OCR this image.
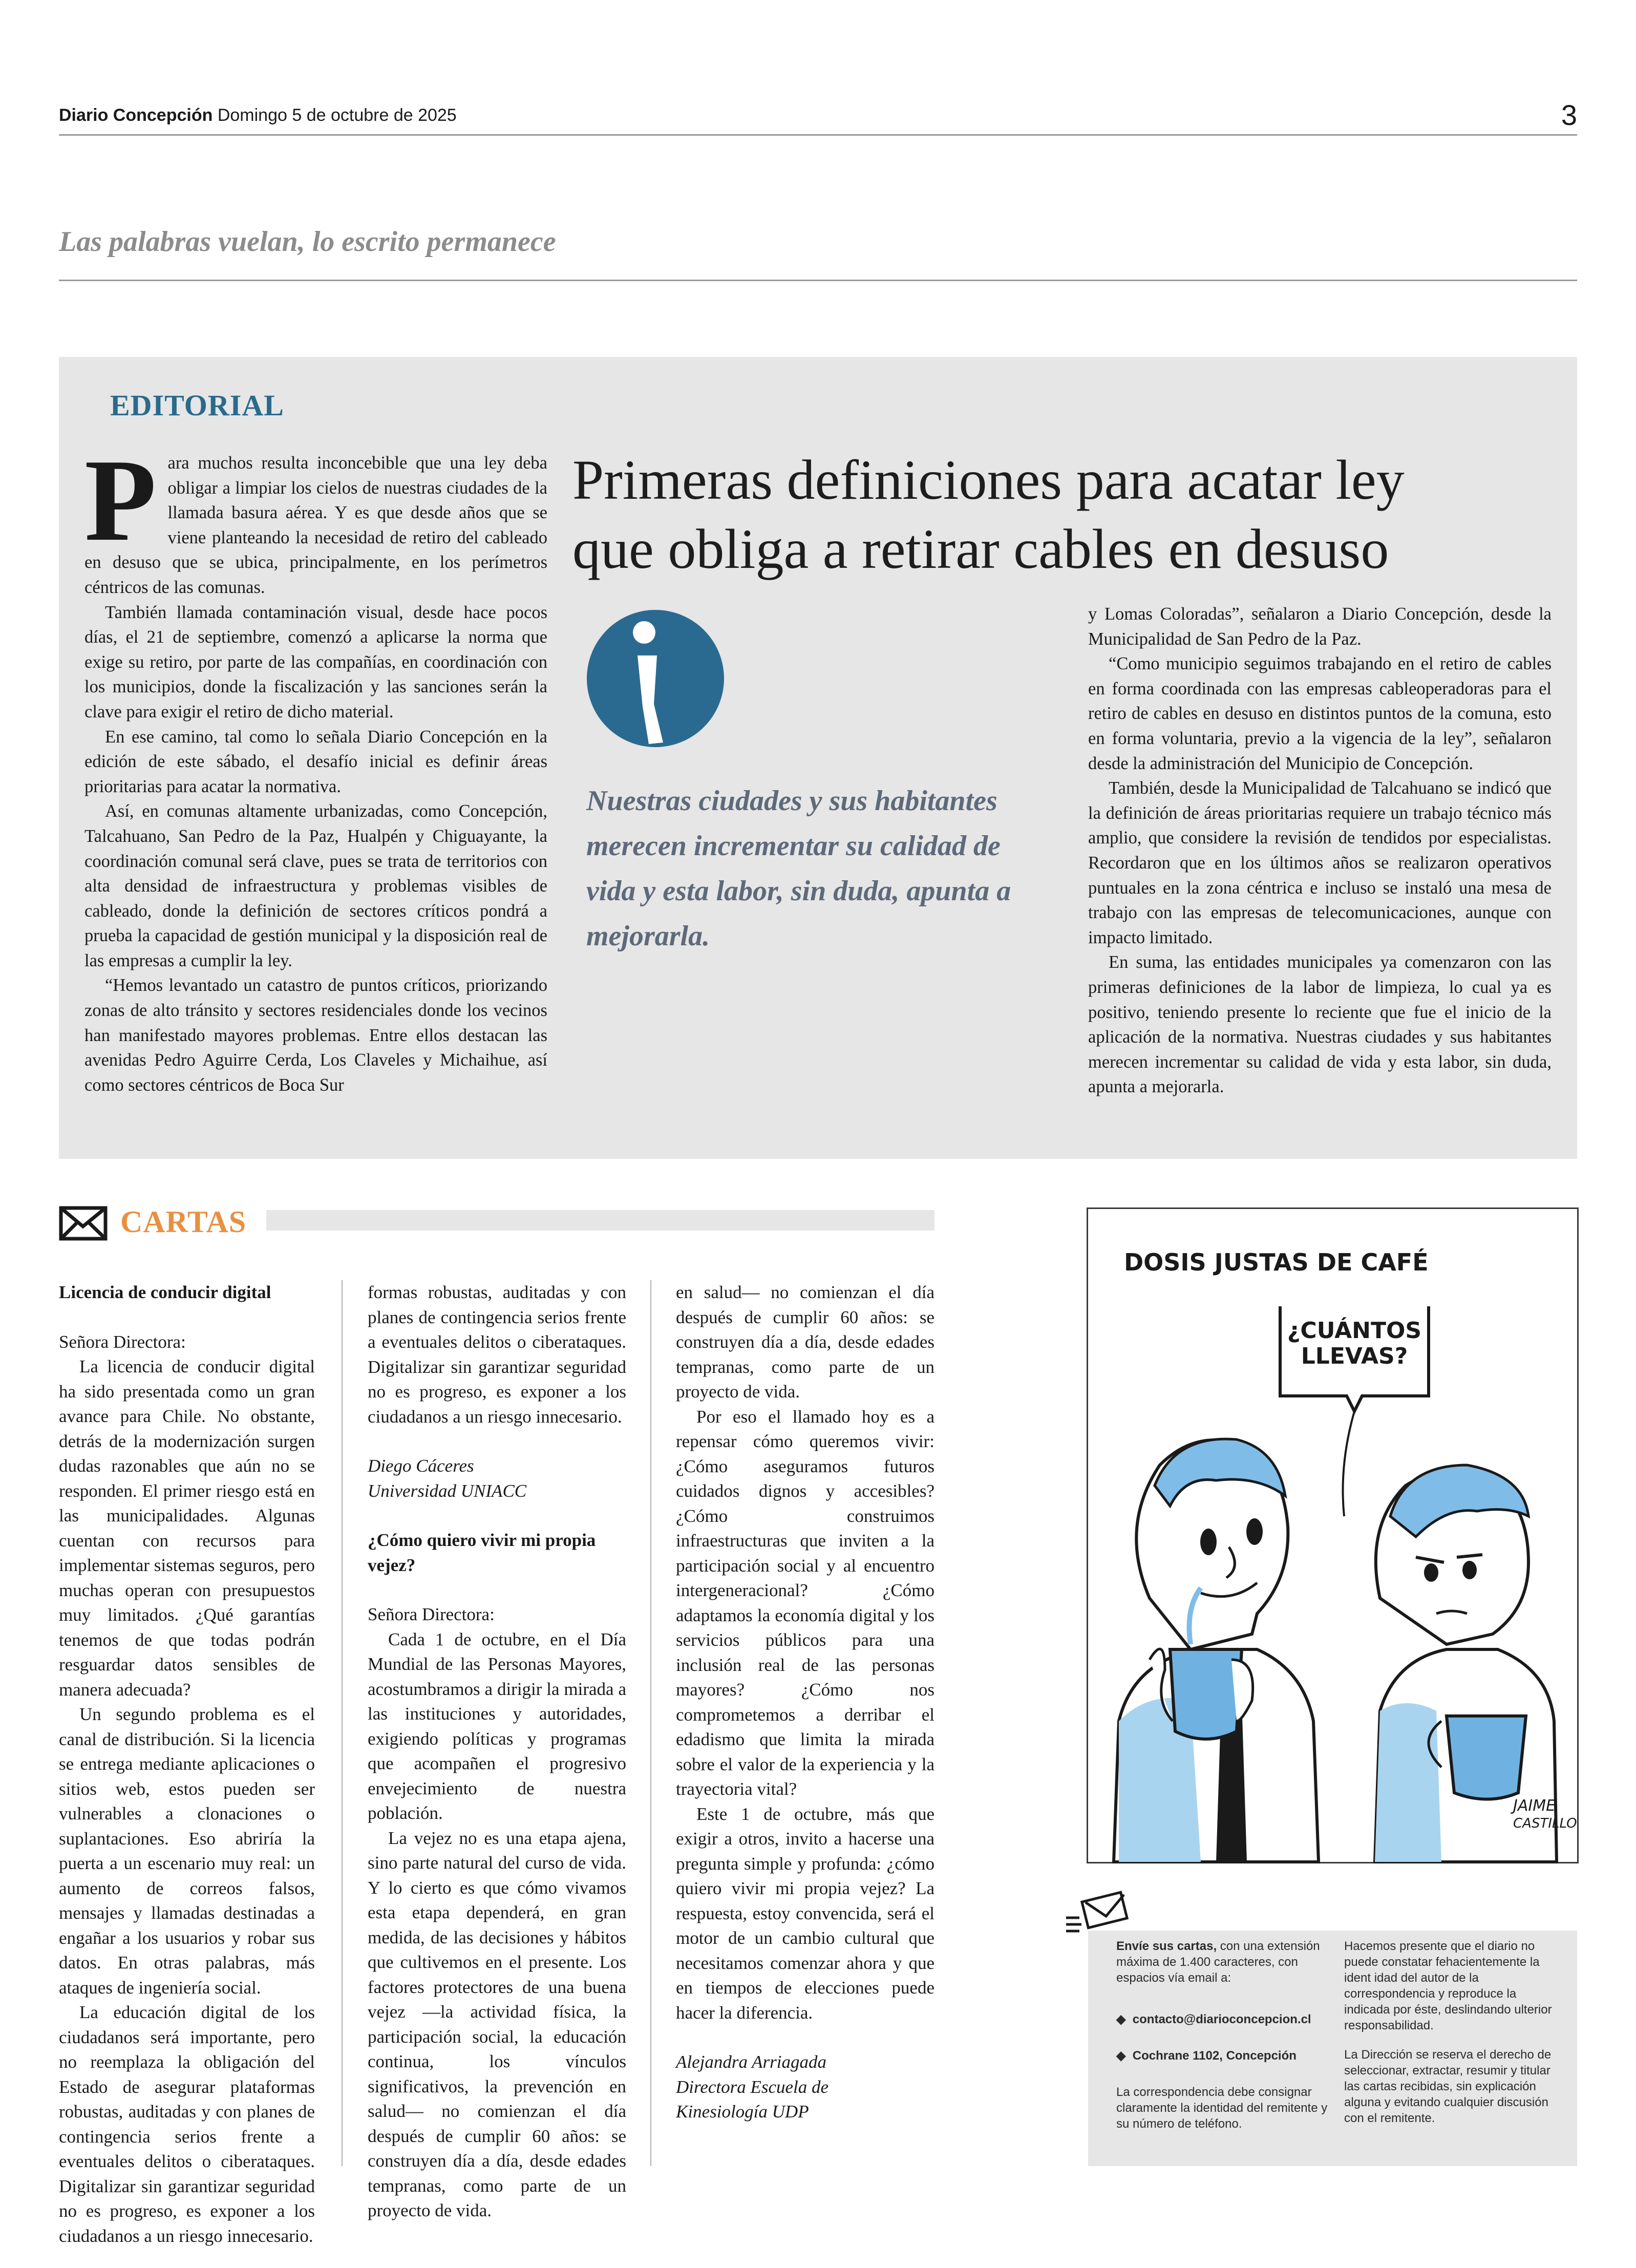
Diario Concepción Domingo 5 de octubre de 2025	3
Las palabras vuelan, lo escrito permanece
EDITORIAL

Para muchos resulta inconcebible que una ley deba obligar a limpiar los cielos de nuestras ciudades de la llamada basura aérea. Y es que desde años que se viene planteando la necesidad de retiro del cableado en desuso que se ubica, principalmente, en los perímetros céntricos de las comunas.

También llamada contaminación visual, desde hace pocos días, el 21 de septiembre, comenzó a aplicarse la norma que exige su retiro, por parte de las compañías, en coordinación con los municipios, donde la fiscalización y las sanciones serán la clave para exigir el retiro de dicho material.

En ese camino, tal como lo señala Diario Concepción en la edición de este sábado, el desafío inicial es definir áreas prioritarias para acatar la normativa.

Así, en comunas altamente urbanizadas, como Concepción, Talcahuano, San Pedro de la Paz, Hualpén y Chiguayante, la coordinación comunal será clave, pues se trata de territorios con alta densidad de infraestructura y problemas visibles de cableado, donde la definición de sectores críticos pondrá a prueba la capacidad de gestión municipal y la disposición real de las empresas a cumplir la ley.

“Hemos levantado un catastro de puntos críticos, priorizando zonas de alto tránsito y sectores residenciales donde los vecinos han manifestado mayores problemas. Entre ellos destacan las avenidas Pedro Aguirre Cerda, Los Claveles y Michaihue, así como sectores céntricos de Boca Sur

Primeras definiciones para acatar ley
que obliga a retirar cables en desuso
Nuestras ciudades y sus habitantes merecen incrementar su calidad de vida y esta labor, sin duda, apunta a mejorarla.

y Lomas Coloradas”, señalaron a Diario Concepción, desde la Municipalidad de San Pedro de la Paz.

“Como municipio seguimos trabajando en el retiro de cables en forma coordinada con las empresas cableoperadoras para el retiro de cables en desuso en distintos puntos de la comuna, esto en forma voluntaria, previo a la vigencia de la ley”, señalaron desde la administración del Municipio de Concepción.

También, desde la Municipalidad de Talcahuano se indicó que la definición de áreas prioritarias requiere un trabajo técnico más amplio, que considere la revisión de tendidos por especialistas. Recordaron que en los últimos años se realizaron operativos puntuales en la zona céntrica e incluso se instaló una mesa de trabajo con las empresas de telecomunicaciones, aunque con impacto limitado.

En suma, las entidades municipales ya comenzaron con las primeras definiciones de la labor de limpieza, lo cual ya es positivo, teniendo presente lo reciente que fue el inicio de la aplicación de la normativa. Nuestras ciudades y sus habitantes merecen incrementar su calidad de vida y esta labor, sin duda, apunta a mejorarla.

CARTAS

Licencia de conducir digital

Señora Directora:

La licencia de conducir digital ha sido presentada como un gran avance para Chile. No obstante, detrás de la modernización surgen dudas razonables que aún no se responden. El primer riesgo está en las municipalidades. Algunas cuentan con recursos para implementar sistemas seguros, pero muchas operan con presupuestos muy limitados. ¿Qué garantías tenemos de que todas podrán resguardar datos sensibles de manera adecuada?

Un segundo problema es el canal de distribución. Si la licencia se entrega mediante aplicaciones o sitios web, estos pueden ser vulnerables a clonaciones o suplantaciones. Eso abriría la puerta a un escenario muy real: un aumento de correos falsos, mensajes y llamadas destinadas a engañar a los usuarios y robar sus datos. En otras palabras, más ataques de ingeniería social.

La educación digital de los ciudadanos será importante, pero no reemplaza la obligación del Estado de asegurar plataformas robustas, auditadas y con planes de contingencia serios frente a eventuales delitos o ciberataques. Digitalizar sin garantizar seguridad no es progreso, es exponer a los ciudadanos a un riesgo innecesario.

formas robustas, auditadas y con planes de contingencia serios frente a eventuales delitos o ciberataques. Digitalizar sin garantizar seguridad no es progreso, es exponer a los ciudadanos a un riesgo innecesario.

Diego Cáceres

Universidad UNIACC

¿Cómo quiero vivir mi propia vejez?

Señora Directora:

Cada 1 de octubre, en el Día Mundial de las Personas Mayores, acostumbramos a dirigir la mirada a las instituciones y autoridades, exigiendo políticas y programas que acompañen el progresivo envejecimiento de nuestra población.

La vejez no es una etapa ajena, sino parte natural del curso de vida. Y lo cierto es que cómo vivamos esta etapa dependerá, en gran medida, de las decisiones y hábitos que cultivemos en el presente. Los factores protectores de una buena vejez —la actividad física, la participación social, la educación continua, los vínculos significativos, la prevención en salud— no comienzan el día después de cumplir 60 años: se construyen día a día, desde edades tempranas, como parte de un proyecto de vida.

en salud— no comienzan el día después de cumplir 60 años: se construyen día a día, desde edades tempranas, como parte de un proyecto de vida.

Por eso el llamado hoy es a repensar cómo queremos vivir: ¿Cómo aseguramos futuros cuidados dignos y accesibles? ¿Cómo construimos infraestructuras que inviten a la participación social y al encuentro intergeneracional? ¿Cómo adaptamos la economía digital y los servicios públicos para una inclusión real de las personas mayores? ¿Cómo nos comprometemos a derribar el edadismo que limita la mirada sobre el valor de la experiencia y la trayectoria vital?

Este 1 de octubre, más que exigir a otros, invito a hacerse una pregunta simple y profunda: ¿cómo quiero vivir mi propia vejez? La respuesta, estoy convencida, será el motor de un cambio cultural que necesitamos comenzar ahora y que en tiempos de elecciones puede hacer la diferencia.

Alejandra Arriagada

Directora Escuela de

Kinesiología UDP

DOSIS JUSTAS DE CAFÉ
¿CUÁNTOS
LLEVAS?
JAIME
CASTILLO

Envíe sus cartas, con una extensión máxima de 1.400 caracteres, con espacios vía email a:

◆  contacto@diarioconcepcion.cl

◆  Cochrane 1102, Concepción

La correspondencia debe consignar claramente la identidad del remitente y su número de teléfono.

Hacemos presente que el diario no puede constatar fehacientemente la ident idad del autor de la correspondencia y reproduce la indicada por éste, deslindando ulterior responsabilidad.

La Dirección se reserva el derecho de seleccionar, extractar, resumir y titular las cartas recibidas, sin explicación alguna y evitando cualquier discusión con el remitente.
